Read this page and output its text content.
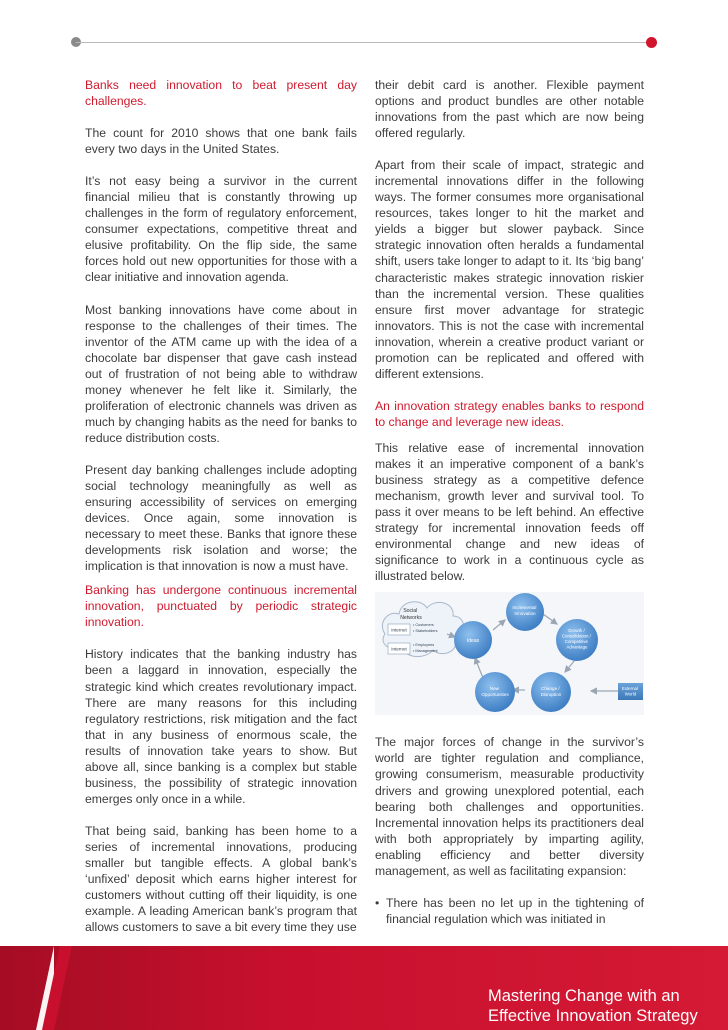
Banks need innovation to beat present day challenges.

The count for 2010 shows that one bank fails every two days in the United States.

It’s not easy being a survivor in the current financial milieu that is constantly throwing up challenges in the form of regulatory enforcement, consumer expectations, competitive threat and elusive profitability. On the flip side, the same forces hold out new opportunities for those with a clear initiative and innovation agenda.

Most banking innovations have come about in response to the challenges of their times. The inventor of the ATM came up with the idea of a chocolate bar dispenser that gave cash instead out of frustration of not being able to withdraw money whenever he felt like it. Similarly, the proliferation of electronic channels was driven as much by changing habits as the need for banks to reduce distribution costs.

Present day banking challenges include adopting social technology meaningfully as well as ensuring accessibility of services on emerging devices. Once again, some innovation is necessary to meet these. Banks that ignore these developments risk isolation and worse; the implication is that innovation is now a must have.

Banking has undergone continuous incremental innovation, punctuated by periodic strategic innovation.

History indicates that the banking industry has been a laggard in innovation, especially the strategic kind which creates revolutionary impact. There are many reasons for this including regulatory restrictions, risk mitigation and the fact that in any business of enormous scale, the results of innovation take years to show. But above all, since banking is a complex but stable business, the possibility of strategic innovation emerges only once in a while.

That being said, banking has been home to a series of incremental innovations, producing smaller but tangible effects. A global bank’s ‘unfixed’ deposit which earns higher interest for customers without cutting off their liquidity, is one example. A leading American bank’s program that allows customers to save a bit every time they use

their debit card is another. Flexible payment options and product bundles are other notable innovations from the past which are now being offered regularly.

Apart from their scale of impact, strategic and incremental innovations differ in the following ways. The former consumes more organisational resources, takes longer to hit the market and yields a bigger but slower payback. Since strategic innovation often heralds a fundamental shift, users take longer to adapt to it. Its ‘big bang’ characteristic makes strategic innovation riskier than the incremental version. These qualities ensure first mover advantage for strategic innovators. This is not the case with incremental innovation, wherein a creative product variant or promotion can be replicated and offered with different extensions.

An innovation strategy enables banks to respond to change and leverage new ideas.

This relative ease of incremental innovation makes it an imperative component of a bank’s business strategy as a competitive defence mechanism, growth lever and survival tool. To pass it over means to be left behind. An effective strategy for incremental innovation feeds off environmental change and new ideas of significance to work in a continuous cycle as illustrated below.

Social Networks
Internet
Internet
• Customers
• Stakeholders
• Employees
• Management
Ideas
Incremental Innovation
Growth / Consolidation / Competitive Advantage
Change / Disruption
New Opportunities
External World

The major forces of change in the survivor’s world are tighter regulation and compliance, growing consumerism, measurable productivity drivers and growing unexplored potential, each bearing both challenges and opportunities. Incremental innovation helps its practitioners deal with both appropriately by imparting agility, enabling efficiency and better diversity management, as well as facilitating expansion:

• There has been no let up in the tightening of financial regulation which was initiated in

Mastering Change with an
Effective Innovation Strategy
